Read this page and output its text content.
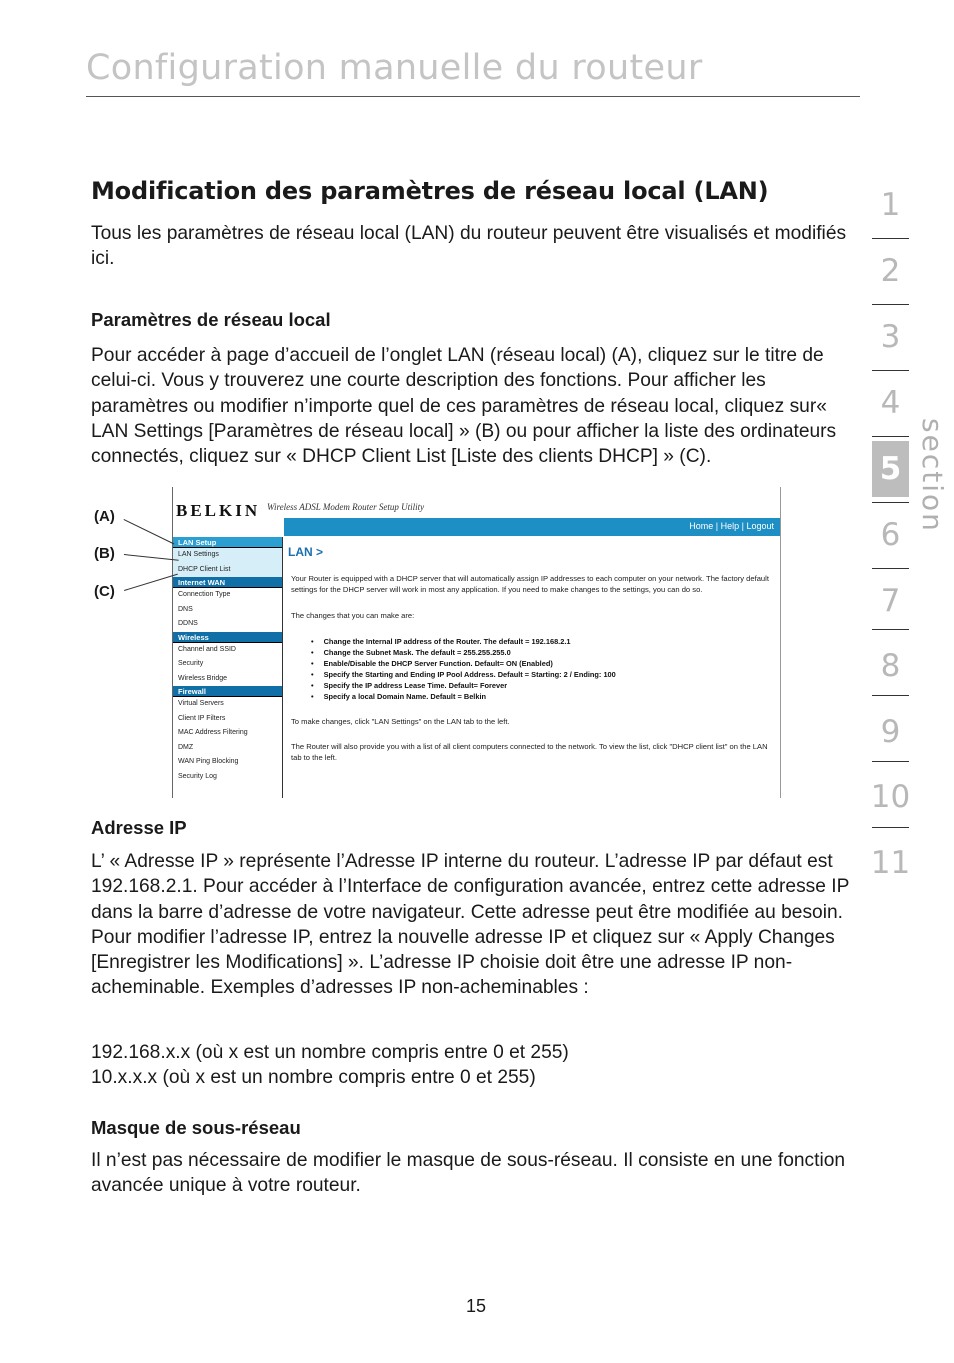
Configuration manuelle du routeur
1
2
3
4
5
6
7
8
9
10
11
section
Modification des paramètres de réseau local (LAN)
Tous les paramètres de réseau local (LAN) du routeur peuvent être visualisés et modifiés ici.
Paramètres de réseau local
Pour accéder à page d’accueil de l’onglet LAN (réseau local) (A), cliquez sur le titre de celui-ci. Vous y trouverez une courte description des fonctions. Pour afficher les paramètres ou modifier n’importe quel de ces paramètres de réseau local, cliquez sur« LAN Settings [Paramètres de réseau local] » (B) ou pour afficher la liste des ordinateurs connectés, cliquez sur « DHCP Client List [Liste des clients DHCP] » (C).
BELKIN Wireless ADSL Modem Router Setup Utility
Home | Help | Logout
LAN Setup
LAN Settings
DHCP Client List
Internet WAN
Connection Type
DNS
DDNS
Wireless
Channel and SSID
Security
Wireless Bridge
Firewall
Virtual Servers
Client IP Filters
MAC Address Filtering
DMZ
WAN Ping Blocking
Security Log
LAN >
Your Router is equipped with a DHCP server that will automatically assign IP addresses to each computer on your network. The factory default settings for the DHCP server will work in most any application. If you need to make changes to the settings, you can do so.
The changes that you can make are:
• Change the Internal IP address of the Router. The default = 192.168.2.1
• Change the Subnet Mask. The default = 255.255.255.0
• Enable/Disable the DHCP Server Function. Default= ON (Enabled)
• Specify the Starting and Ending IP Pool Address. Default = Starting: 2 / Ending: 100
• Specify the IP address Lease Time. Default= Forever
• Specify a local Domain Name. Default = Belkin
To make changes, click "LAN Settings" on the LAN tab to the left.
The Router will also provide you with a list of all client computers connected to the network. To view the list, click "DHCP client list" on the LAN tab to the left.
(A)
(B)
(C)
Adresse IP
L’ « Adresse IP » représente l’Adresse IP interne du routeur. L’adresse IP par défaut est 192.168.2.1. Pour accéder à l’Interface de configuration avancée, entrez cette adresse IP dans la barre d’adresse de votre navigateur. Cette adresse peut être modifiée au besoin. Pour modifier l’adresse IP, entrez la nouvelle adresse IP et cliquez sur « Apply Changes [Enregistrer les Modifications] ». L’adresse IP choisie doit être une adresse IP non-acheminable. Exemples d’adresses IP non-acheminables :
192.168.x.x (où x est un nombre compris entre 0 et 255)
10.x.x.x (où x est un nombre compris entre 0 et 255)
Masque de sous-réseau
Il n’est pas nécessaire de modifier le masque de sous-réseau. Il consiste en une fonction avancée unique à votre routeur.
15
